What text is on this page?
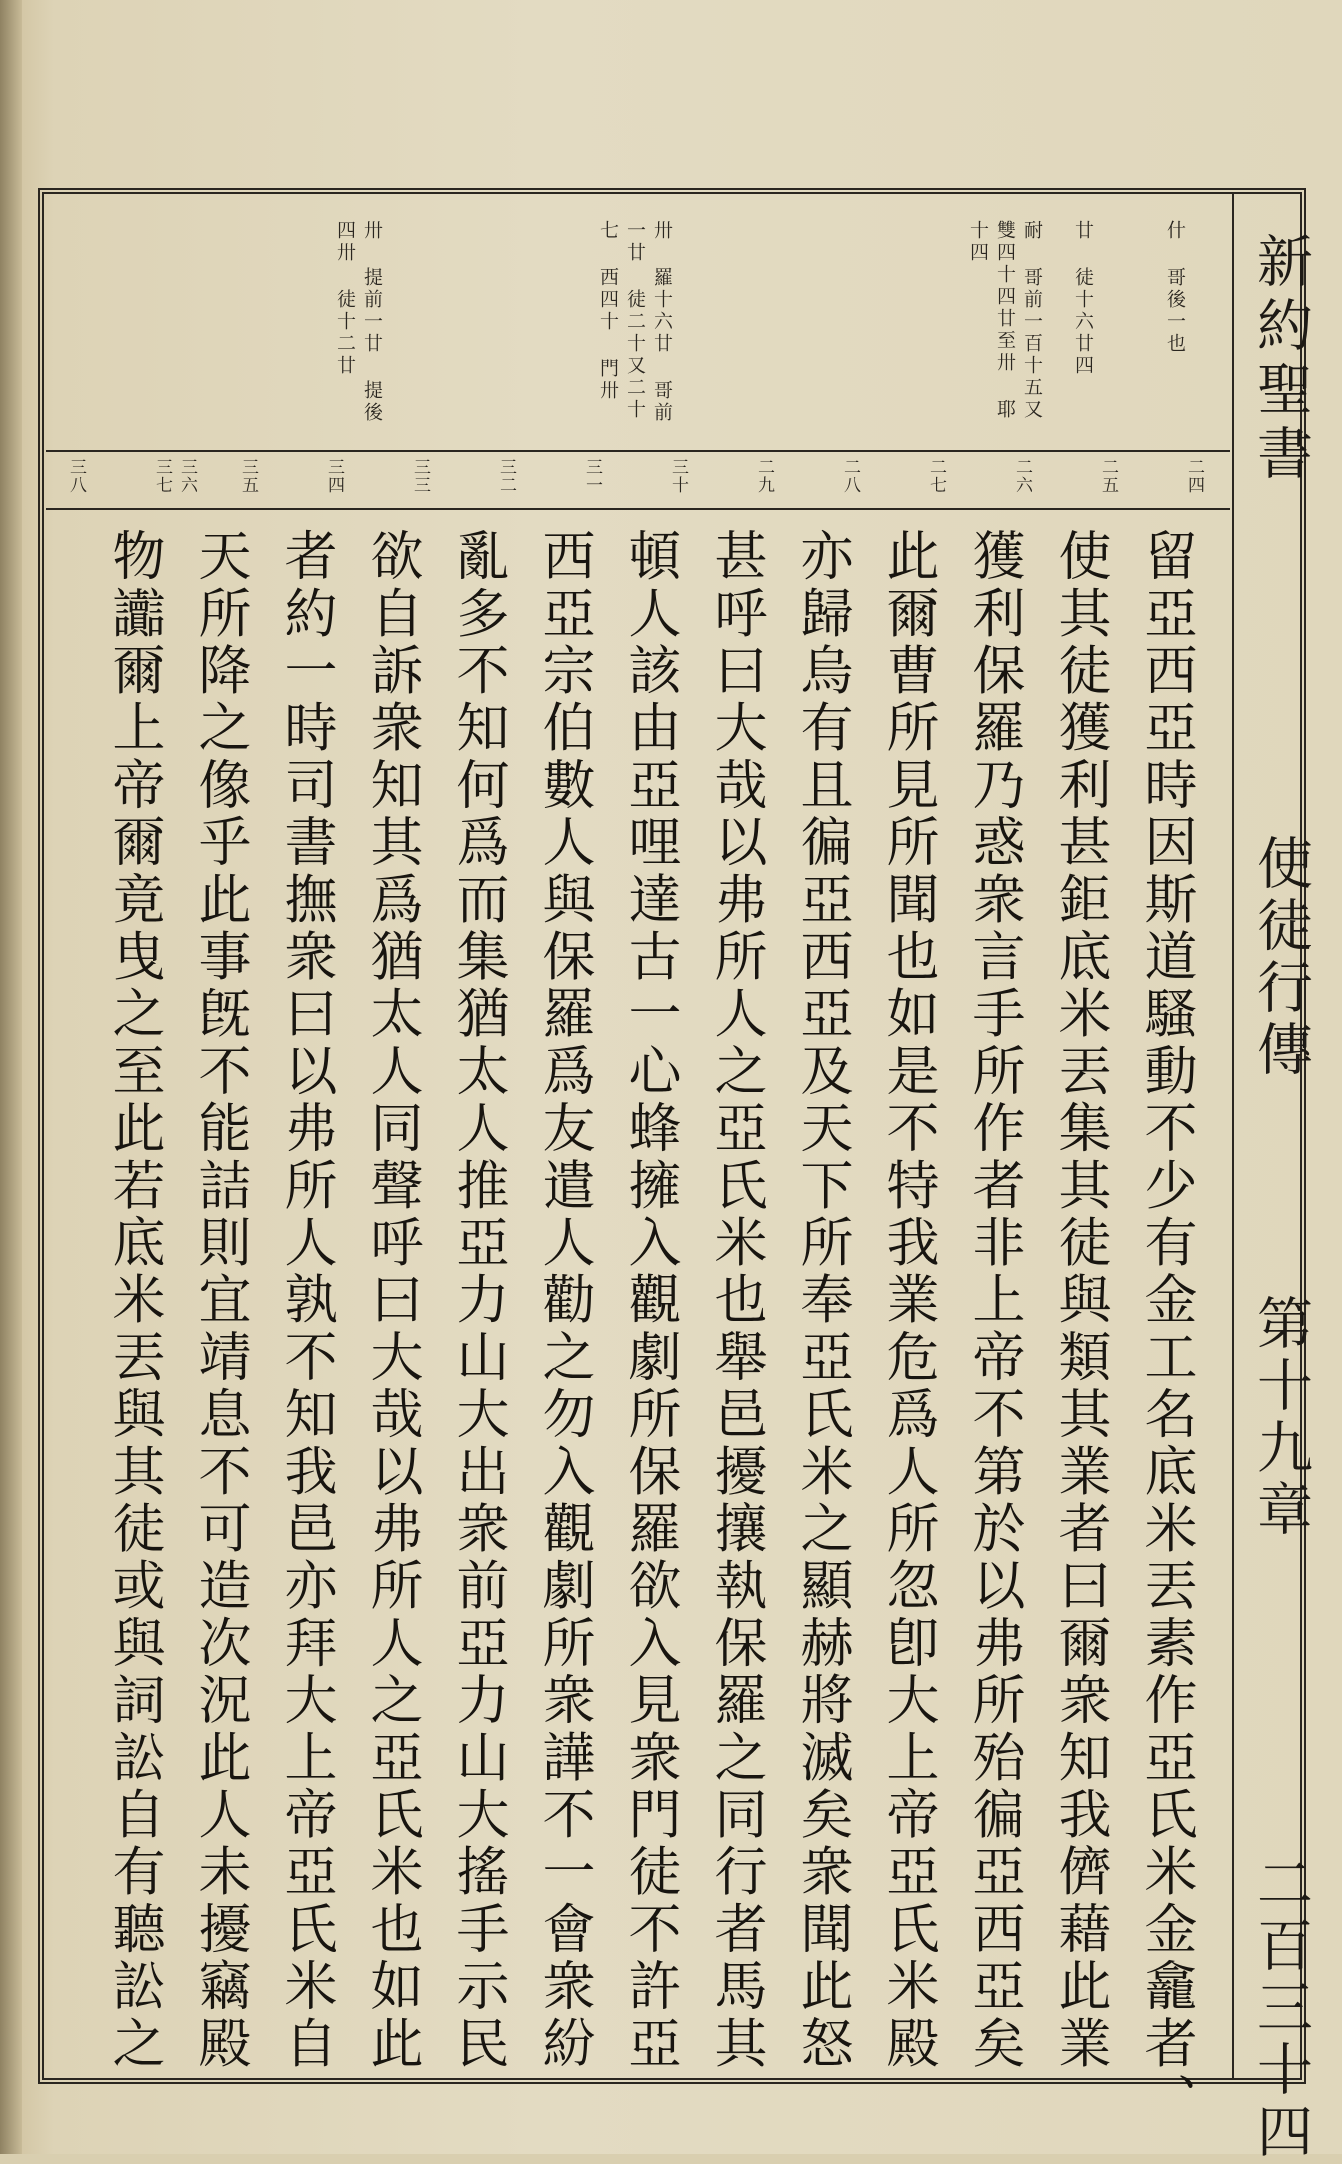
新約聖書
使徒行傳
第十九章
二百三十四
什 哥後一也
廿 徒十六廿四
耐 哥前一百十五又 雙四十四廿至卅 耶十四
卅 羅十六廿 哥前一廿 徒二十又二十七 西四十 門卅
卅 提前一廿 提後四卅 徒十二廿
二四
二五
二六
二七
二八
二九
三十
三一
三二
三三
三四
三五
三六三七
三八
留亞西亞時因斯道騷動不少有金工名底米丟素作亞氏米金龕者、
使其徒獲利甚鉅底米丟集其徒與類其業者曰爾衆知我儕藉此業
獲利保羅乃惑衆言手所作者非上帝不第於以弗所殆徧亞西亞矣
此爾曹所見所聞也如是不特我業危爲人所忽卽大上帝亞氏米殿
亦歸烏有且徧亞西亞及天下所奉亞氏米之顯赫將滅矣衆聞此怒
甚呼曰大哉以弗所人之亞氏米也舉邑擾攘執保羅之同行者馬其
頓人該由亞哩達古一心蜂擁入觀劇所保羅欲入見衆門徒不許亞
西亞宗伯數人與保羅爲友遣人勸之勿入觀劇所衆譁不一會衆紛
亂多不知何爲而集猶太人推亞力山大出衆前亞力山大搖手示民
欲自訴衆知其爲猶太人同聲呼曰大哉以弗所人之亞氏米也如此
者約一時司書撫衆曰以弗所人孰不知我邑亦拜大上帝亞氏米自
天所降之像乎此事旣不能詰則宜靖息不可造次況此人未擾竊殿
物讟爾上帝爾竟曳之至此若底米丟與其徒或與詞訟自有聽訟之
